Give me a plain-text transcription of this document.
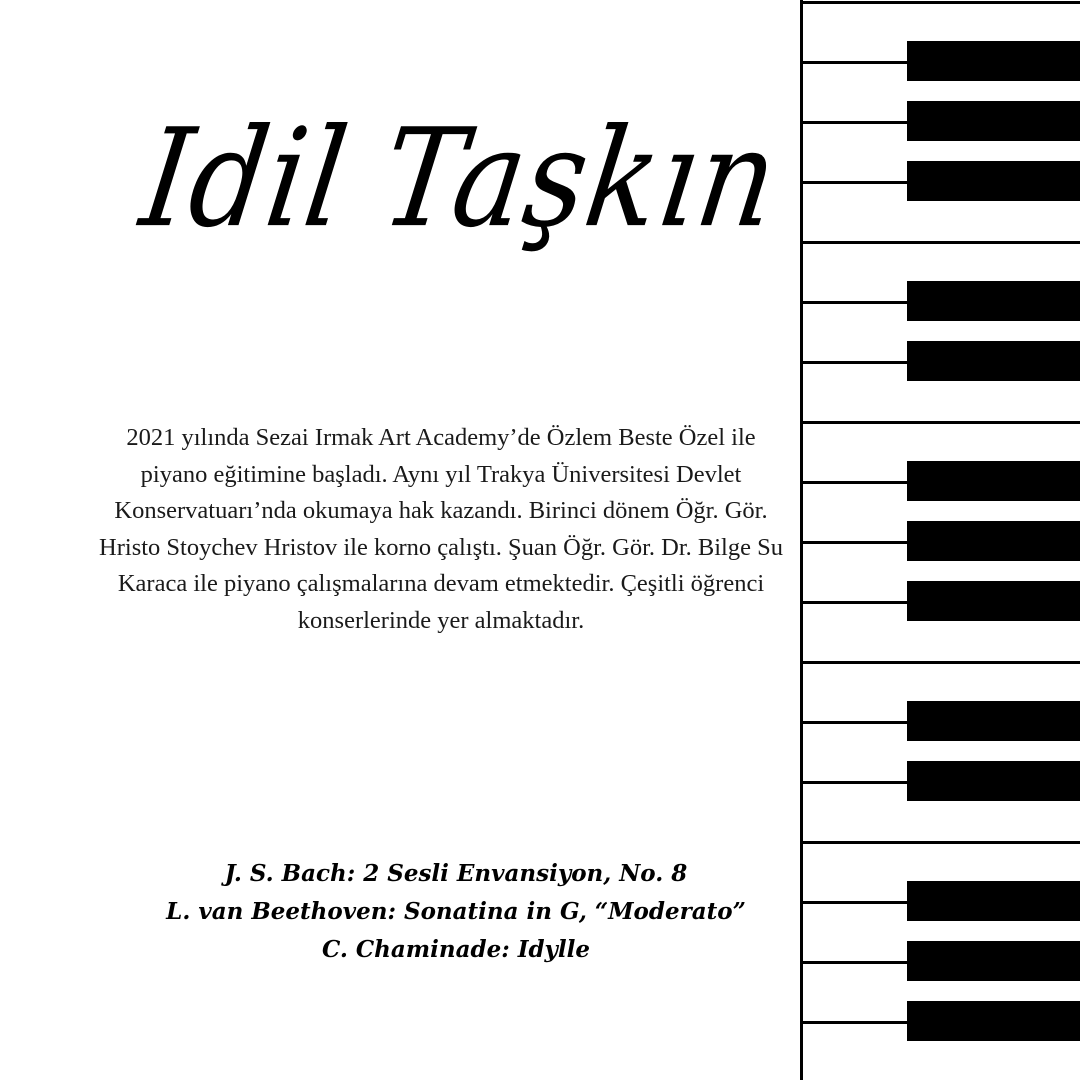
Idil Taşkın

2021 yılında Sezai Irmak Art Academy’de Özlem Beste Özel ile piyano eğitimine başladı. Aynı yıl Trakya Üniversitesi Devlet Konservatuarı’nda okumaya hak kazandı. Birinci dönem Öğr. Gör. Hristo Stoychev Hristov ile korno çalıştı. Şuan Öğr. Gör. Dr. Bilge Su Karaca ile piyano çalışmalarına devam etmektedir. Çeşitli öğrenci konserlerinde yer almaktadır.

J. S. Bach: 2 Sesli Envansiyon, No. 8
L. van Beethoven: Sonatina in G, “Moderato”
C. Chaminade: Idylle
